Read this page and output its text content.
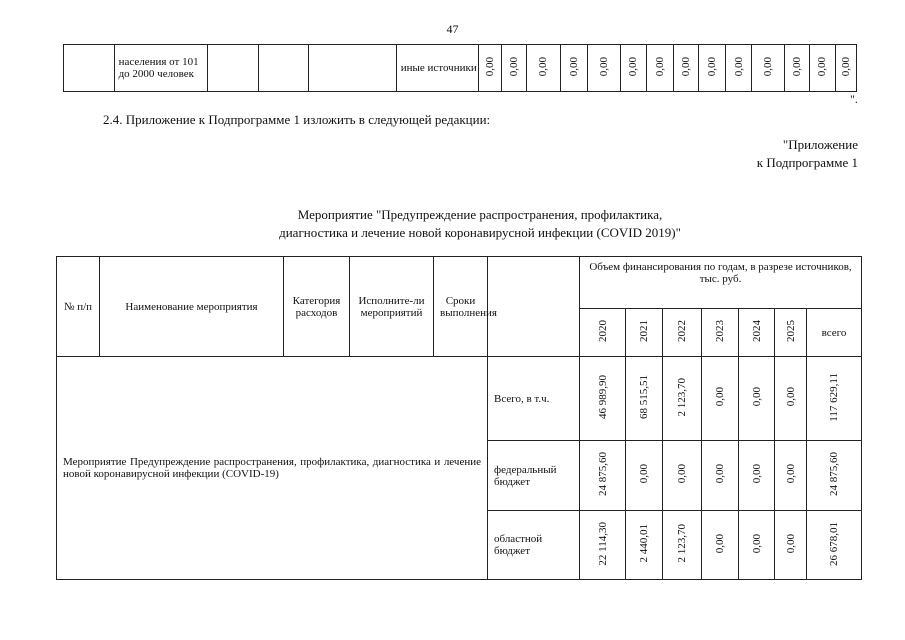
47
	населения от 101 до 2000 человек				иные источники	0,00	0,00	0,00	0,00	0,00	0,00	0,00	0,00	0,00	0,00	0,00	0,00	0,00	0,00
".
2.4. Приложение к Подпрограмме 1 изложить в следующей редакции:
"Приложение
к Подпрограмме 1
Мероприятие "Предупреждение распространения, профилактика,
диагностика и лечение новой коронавирусной инфекции (COVID 2019)"
№ п/п	Наименование мероприятия	Категория расходов	Исполните-ли мероприятий	Сроки выполнения		Объем финансирования по годам, в разрезе источников, тыс. руб.						
						2020	2021	2022	2023	2024	2025	всего
Мероприятие Предупреждение распространения, профилактика, диагностика и лечение новой коронавирусной инфекции (COVID-19)					Всего, в т.ч.	46 989,90	68 515,51	2 123,70	0,00	0,00	0,00	117 629,11
					федеральный бюджет	24 875,60	0,00	0,00	0,00	0,00	0,00	24 875,60
					областной бюджет	22 114,30	2 440,01	2 123,70	0,00	0,00	0,00	26 678,01
